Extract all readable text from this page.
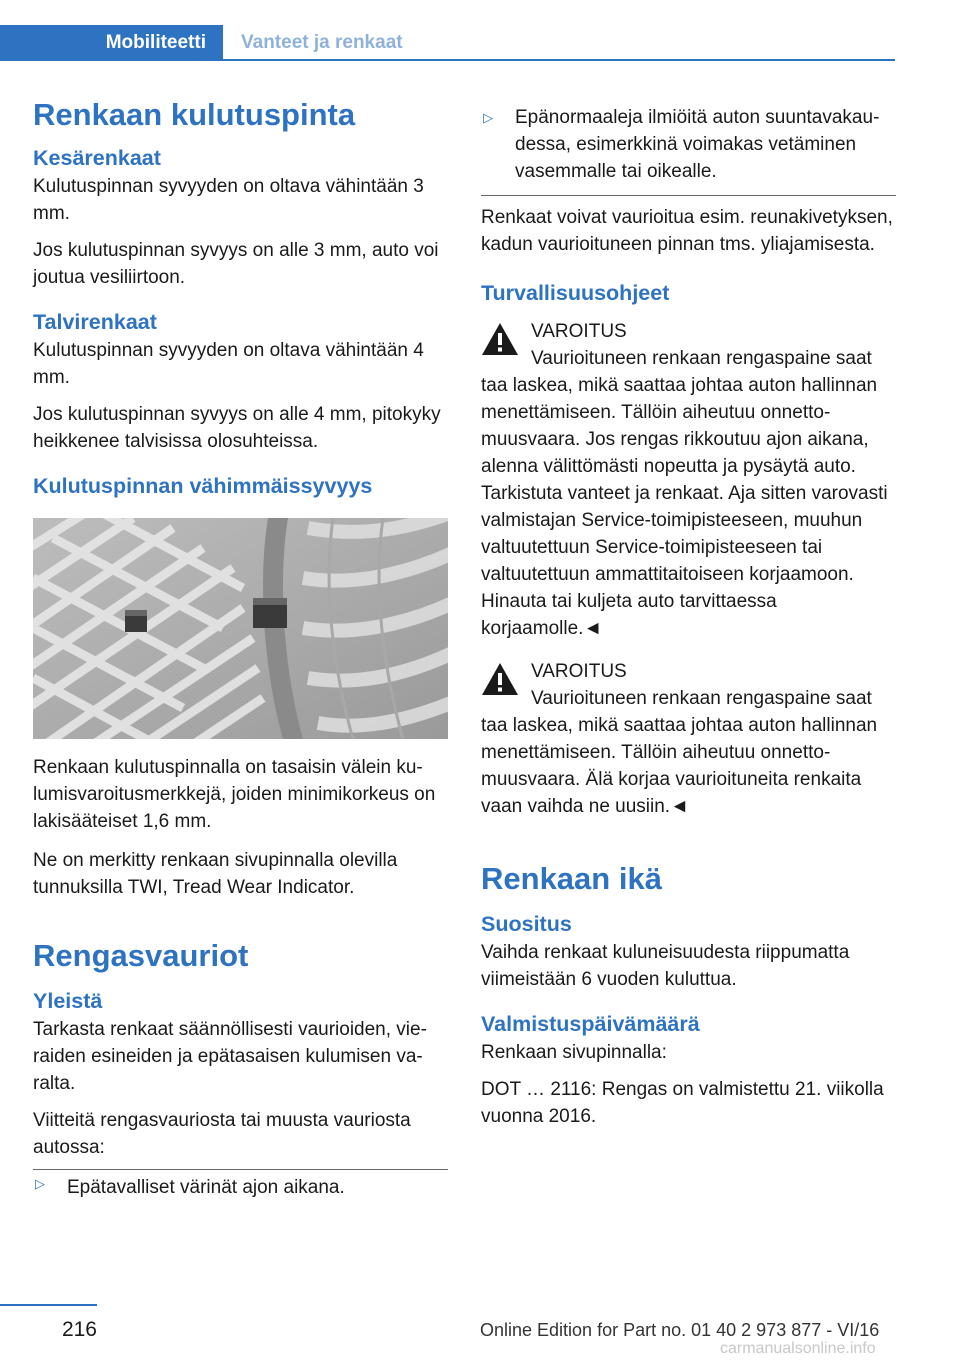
Mobiliteetti	Vanteet ja renkaat
Renkaan kulutuspinta
Kesärenkaat

Kulutuspinnan syvyyden on oltava vähintään 3 mm.

Jos kulutuspinnan syvyys on alle 3 mm, auto voi joutua vesiliirtoon.

Talvirenkaat

Kulutuspinnan syvyyden on oltava vähintään 4 mm.

Jos kulutuspinnan syvyys on alle 4 mm, pitokyky heikkenee talvisissa olosuhteissa.

Kulutuspinnan vähimmäissyvyys

Renkaan kulutuspinnalla on tasaisin välein kulumisvaroitusmerkkejä, joiden minimikorkeus on lakisääteiset 1,6 mm.

Ne on merkitty renkaan sivupinnalla olevilla tunnuksilla TWI, Tread Wear Indicator.

Rengasvauriot
Yleistä

Tarkasta renkaat säännöllisesti vaurioiden, vieraiden esineiden ja epätasaisen kulumisen varalta.

Viitteitä rengasvauriosta tai muusta vauriosta autossa:

▷ Epätavalliset värinät ajon aikana.
▷ Epänormaaleja ilmiöitä auton suuntavakaudessa, esimerkkinä voimakas vetäminen vasemmalle tai oikealle.

Renkaat voivat vaurioitua esim. reunakivetyksen, kadun vaurioituneen pinnan tms. yliajamisesta.

Turvallisuusohjeet

VAROITUS

Vaurioituneen renkaan rengaspaine saat

taa laskea, mikä saattaa johtaa auton hallinnan menettämiseen. Tällöin aiheutuu onnettomuusvaara. Jos rengas rikkoutuu ajon aikana, alenna välittömästi nopeutta ja pysäytä auto. Tarkistuta vanteet ja renkaat. Aja sitten varovasti valmistajan Service-toimipisteeseen, muuhun valtuutettuun Service-toimipisteeseen tai valtuutettuun ammattitaitoiseen korjaamoon. Hinauta tai kuljeta auto tarvittaessa korjaamolle.◄

VAROITUS

Vaurioituneen renkaan rengaspaine saat

taa laskea, mikä saattaa johtaa auton hallinnan menettämiseen. Tällöin aiheutuu onnettomuusvaara. Älä korjaa vaurioituneita renkaita vaan vaihda ne uusiin.◄

Renkaan ikä
Suositus

Vaihda renkaat kuluneisuudesta riippumatta viimeistään 6 vuoden kuluttua.

Valmistuspäivämäärä

Renkaan sivupinnalla:

DOT … 2116: Rengas on valmistettu 21. viikolla vuonna 2016.

216	Online Edition for Part no. 01 40 2 973 877 - VI/16
carmanualsonline.info
